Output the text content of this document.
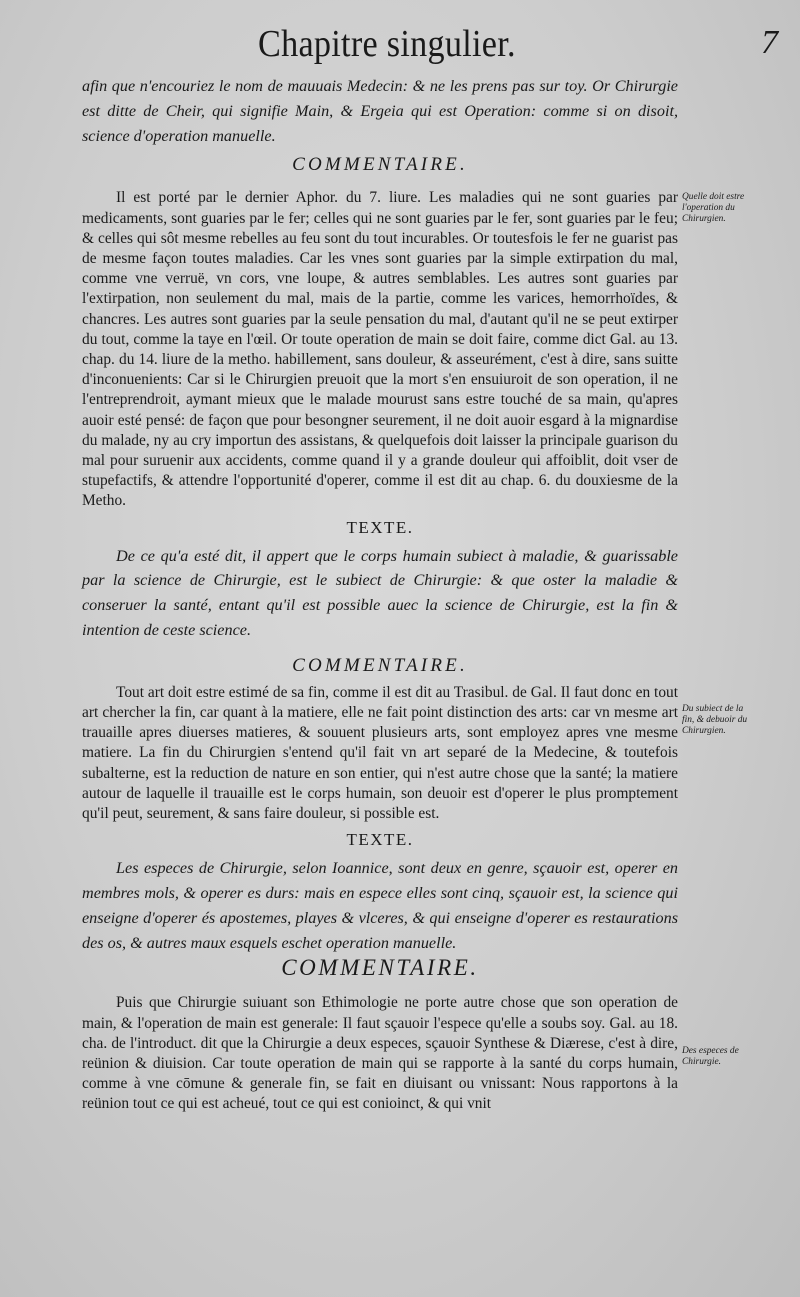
Chapitre singulier.	7

afin que n'encouriez le nom de mauuais Medecin: & ne les prens pas sur toy. Or Chirurgie est ditte de Cheir, qui signifie Main, & Ergeia qui est Operation: comme si on disoit, science d'operation manuelle.

COMMENTAIRE.

Il est porté par le dernier Aphor. du 7. liure. Les maladies qui ne sont guaries par medicaments, sont guaries par le fer; celles qui ne sont guaries par le fer, sont guaries par le feu; & celles qui sôt mesme rebelles au feu sont du tout incurables. Or toutesfois le fer ne guarist pas de mesme façon toutes maladies. Car les vnes sont guaries par la simple extirpation du mal, comme vne verruë, vn cors, vne loupe, & autres semblables. Les autres sont guaries par l'extirpation, non seulement du mal, mais de la partie, comme les varices, hemorrhoïdes, & chancres. Les autres sont guaries par la seule pensation du mal, d'autant qu'il ne se peut extirper du tout, comme la taye en l'œil. Or toute operation de main se doit faire, comme dict Gal. au 13. chap. du 14. liure de la metho. habillement, sans douleur, & asseurément, c'est à dire, sans suitte d'inconuenients: Car si le Chirurgien preuoit que la mort s'en ensuiuroit de son operation, il ne l'entreprendroit, aymant mieux que le malade mourust sans estre touché de sa main, qu'apres auoir esté pensé: de façon que pour besongner seurement, il ne doit auoir esgard à la mignardise du malade, ny au cry importun des assistans, & quelquefois doit laisser la principale guarison du mal pour suruenir aux accidents, comme quand il y a grande douleur qui affoiblit, doit vser de stupefactifs, & attendre l'opportunité d'operer, comme il est dit au chap. 6. du douxiesme de la Metho.

TEXTE.

De ce qu'a esté dit, il appert que le corps humain subiect à maladie, & guarissable par la science de Chirurgie, est le subiect de Chirurgie: & que oster la maladie & conseruer la santé, entant qu'il est possible auec la science de Chirurgie, est la fin & intention de ceste science.

COMMENTAIRE.

Tout art doit estre estimé de sa fin, comme il est dit au Trasibul. de Gal. Il faut donc en tout art chercher la fin, car quant à la matiere, elle ne fait point distinction des arts: car vn mesme art trauaille apres diuerses matieres, & souuent plusieurs arts, sont employez apres vne mesme matiere. La fin du Chirurgien s'entend qu'il fait vn art separé de la Medecine, & toutefois subalterne, est la reduction de nature en son entier, qui n'est autre chose que la santé; la matiere autour de laquelle il trauaille est le corps humain, son deuoir est d'operer le plus promptement qu'il peut, seurement, & sans faire douleur, si possible est.

TEXTE.

Les especes de Chirurgie, selon Ioannice, sont deux en genre, sçauoir est, operer en membres mols, & operer es durs: mais en espece elles sont cinq, sçauoir est, la science qui enseigne d'operer és apostemes, playes & vlceres, & qui enseigne d'operer es restaurations des os, & autres maux esquels eschet operation manuelle.

COMMENTAIRE.

Puis que Chirurgie suiuant son Ethimologie ne porte autre chose que son operation de main, & l'operation de main est generale: Il faut sçauoir l'espece qu'elle a soubs soy. Gal. au 18. cha. de l'introduct. dit que la Chirurgie a deux especes, sçauoir Synthese & Diærese, c'est à dire, reünion & diuision. Car toute operation de main qui se rapporte à la santé du corps humain, comme à vne cōmune & generale fin, se fait en diuisant ou vnissant: Nous rapportons à la reünion tout ce qui est acheué, tout ce qui est conioinct, & qui vnit

Quelle doit estre l'operation du Chirurgien.
Du subiect de la fin, & debuoir du Chirurgien.
Des especes de Chirurgie.
